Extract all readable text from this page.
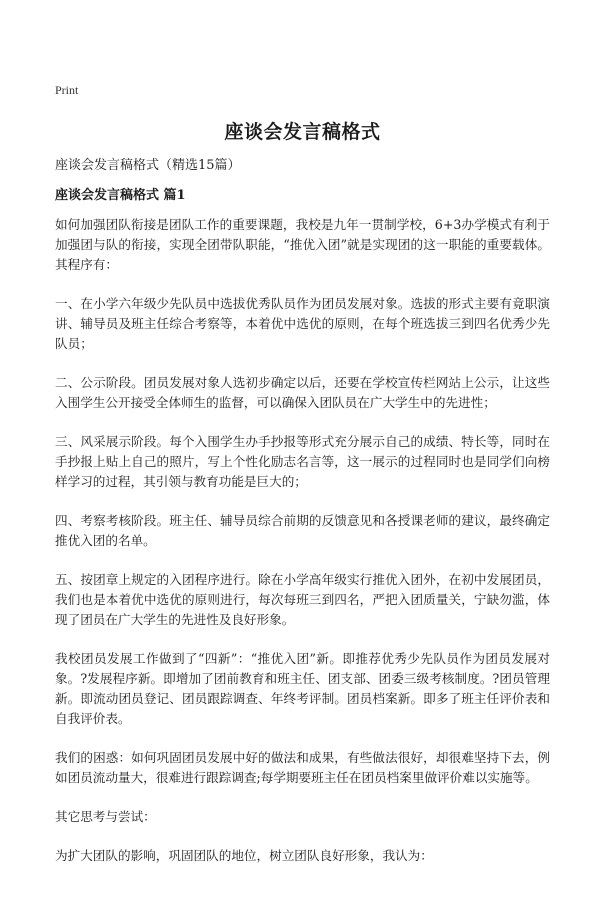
Print
座谈会发言稿格式
座谈会发言稿格式（精选15篇）
座谈会发言稿格式 篇1

如何加强团队衔接是团队工作的重要课题，我校是九年一贯制学校，6+3办学模式有利于加强团与队的衔接，实现全团带队职能，“推优入团”就是实现团的这一职能的重要载体。其程序有：

一、在小学六年级少先队员中选拔优秀队员作为团员发展对象。选拔的形式主要有竟职演讲、辅导员及班主任综合考察等，本着优中选优的原则，在每个班选拔三到四名优秀少先队员；

二、公示阶段。团员发展对象人选初步确定以后，还要在学校宣传栏网站上公示，让这些入围学生公开接受全体师生的监督，可以确保入团队员在广大学生中的先进性；

三、风采展示阶段。每个入围学生办手抄报等形式充分展示自己的成绩、特长等，同时在手抄报上贴上自己的照片，写上个性化励志名言等，这一展示的过程同时也是同学们向榜样学习的过程，其引领与教育功能是巨大的；

四、考察考核阶段。班主任、辅导员综合前期的反馈意见和各授课老师的建议，最终确定推优入团的名单。

五、按团章上规定的入团程序进行。除在小学高年级实行推优入团外，在初中发展团员，我们也是本着优中选优的原则进行，每次每班三到四名，严把入团质量关，宁缺勿滥，体现了团员在广大学生的先进性及良好形象。

我校团员发展工作做到了“四新”：“推优入团”新。即推荐优秀少先队员作为团员发展对象。?发展程序新。即增加了团前教育和班主任、团支部、团委三级考核制度。?团员管理新。即流动团员登记、团员跟踪调查、年终考评制。团员档案新。即多了班主任评价表和自我评价表。

我们的困惑：如何巩固团员发展中好的做法和成果，有些做法很好，却很难坚持下去，例如团员流动量大，很难进行跟踪调查;每学期要班主任在团员档案里做评价难以实施等。

其它思考与尝试：

为扩大团队的影响，巩固团队的地位，树立团队良好形象，我认为：
